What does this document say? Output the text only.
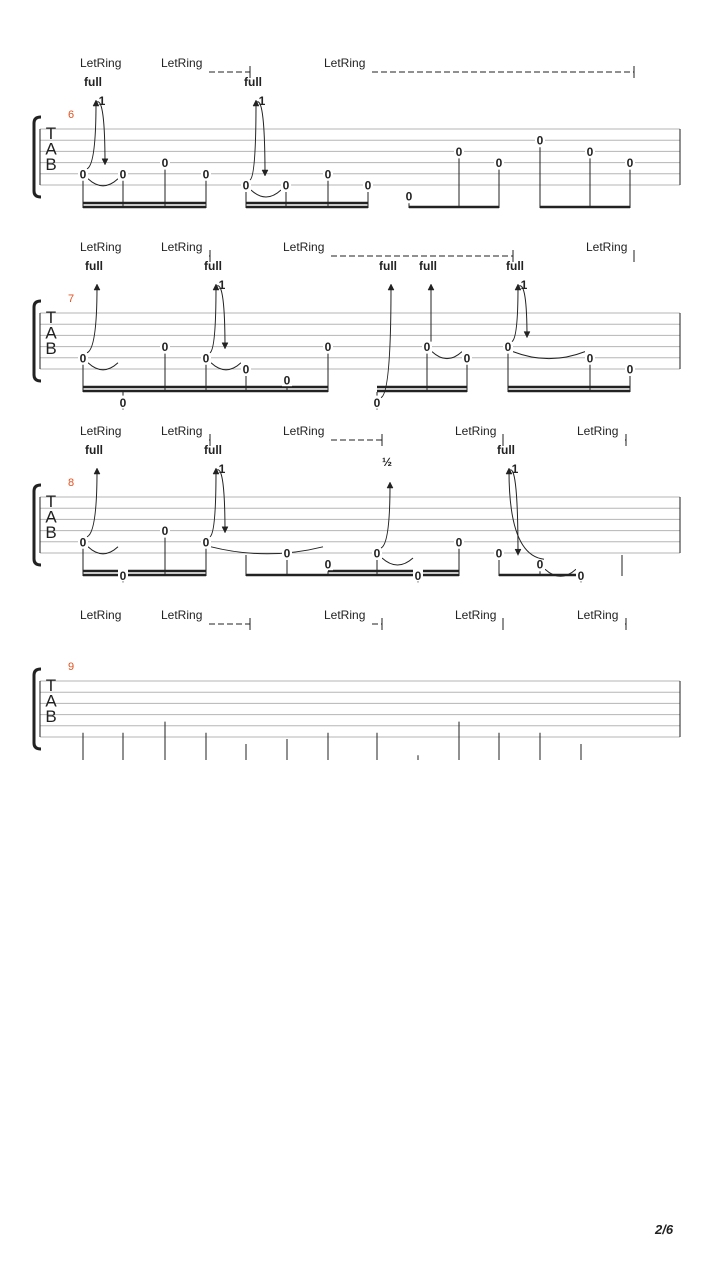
T
A
B
6
LetRing	LetRing	LetRing
0	0
0
0
0	0
0
0
0
0
0
0
0
0
full
1
full
1
T
A
B
7
LetRing	LetRing	LetRing	LetRing
0
0
0
0
0
0
0
0
0
0
0
0
0
full	full
1
full full	full
1
T
A
B
8
LetRing	LetRing	LetRing	LetRing	LetRing
0
0
0
0
0
0
0
0
0
0
0
0
full	full
1	½
full
1
T
A
B
9
LetRing	LetRing	LetRing	LetRing	LetRing
2/6
